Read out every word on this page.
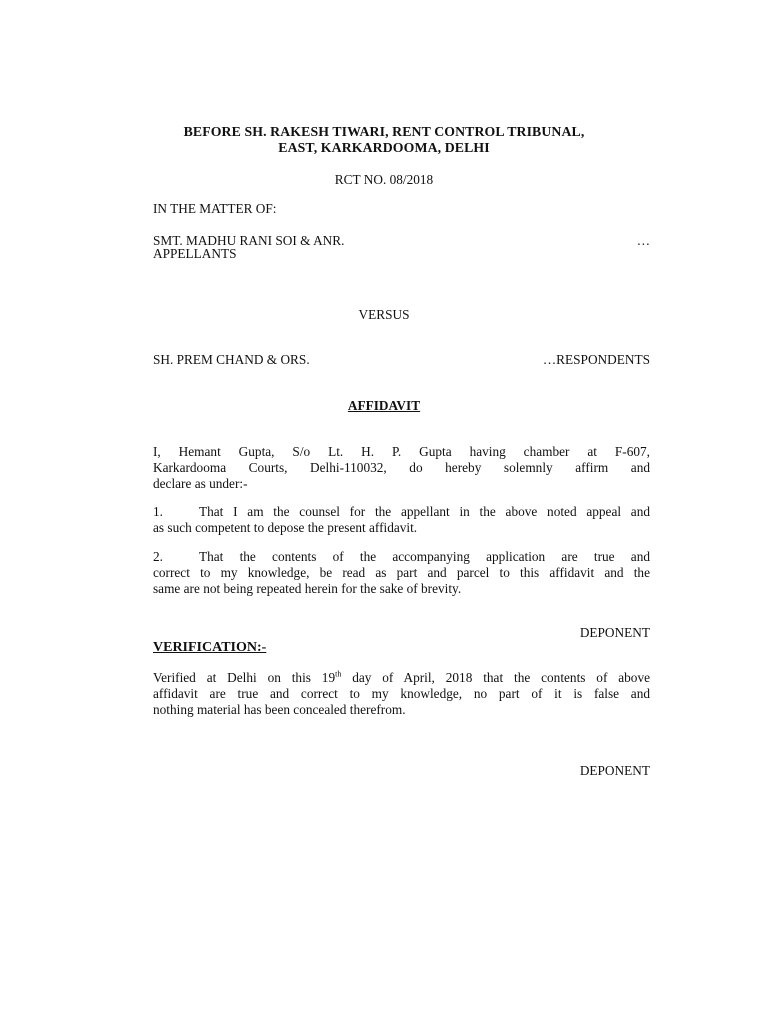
BEFORE SH. RAKESH TIWARI, RENT CONTROL TRIBUNAL,
EAST, KARKARDOOMA, DELHI
RCT NO. 08/2018
IN THE MATTER OF:
SMT. MADHU RANI SOI & ANR.	…
APPELLANTS
VERSUS
SH. PREM CHAND & ORS.	…RESPONDENTS
AFFIDAVIT
I, Hemant Gupta, S/o Lt. H. P. Gupta having chamber at F-607,
Karkardooma Courts, Delhi-110032, do hereby solemnly affirm and
declare as under:-
1.	That I am the counsel for the appellant in the above noted appeal and
as such competent to depose the present affidavit.
2.	That the contents of the accompanying application are true and
correct to my knowledge, be read as part and parcel to this affidavit and the
same are not being repeated herein for the sake of brevity.
DEPONENT
VERIFICATION:-
Verified at Delhi on this 19th day of April, 2018 that the contents of above
affidavit are true and correct to my knowledge, no part of it is false and
nothing material has been concealed therefrom.
DEPONENT
